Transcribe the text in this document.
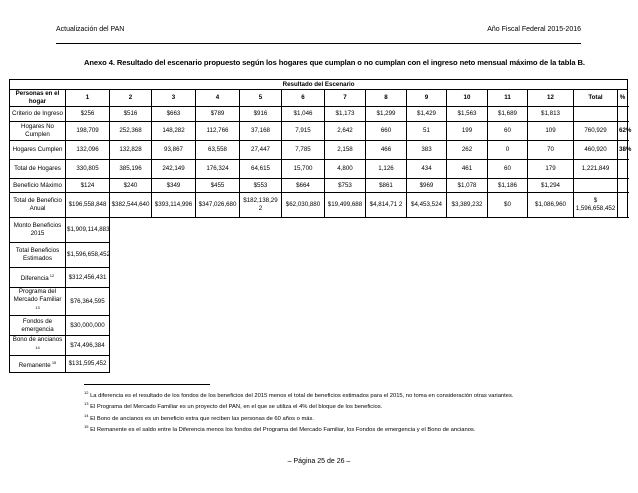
Actualización del PAN	Año Fiscal Federal 2015-2016
Anexo 4. Resultado del escenario propuesto según los hogares que cumplan o no cumplan con el ingreso neto mensual máximo de la tabla B.
Resultado del Escenario														
Personas en el hogar	1	2	3	4	5	6	7	8	9	10	11	12	Total	%
Criterio de Ingreso	$256	$516	$663	$789	$916	$1,046	$1,173	$1,299	$1,429	$1,563	$1,689	$1,813		
Hogares No Cumplen	198,709	252,368	148,282	112,766	37,168	7,915	2,642	660	51	199	60	109	760,929	62%
Hogares Cumplen	132,096	132,828	93,867	63,558	27,447	7,785	2,158	466	383	262	0	70	460,920	38%
Total de Hogares	330,805	385,196	242,149	176,324	64,615	15,700	4,800	1,126	434	461	60	179	1,221,849	
Beneficio Máximo	$124	$240	$349	$455	$553	$664	$753	$861	$969	$1,078	$1,186	$1,294		
Total de Beneficio Anual	$196,558,848	$382,544,640	$393,114,996	$347,026,680	$182,138,29 2	$62,030,880	$19,499,688	$4,814,71 2	$4,453,524	$3,389,232	$0	$1,086,960	$ 1,596,658,452	
Monto Beneficios 2015	$1,909,114,883													
Total Beneficios Estimados	$1,596,658,452													
Diferencia $^{12}$	$312,456,431													
Programa del Mercado Familiar $^{13}$	$76,364,595													
Fondos de emergencia	$30,000,000													
Bono de ancianos $^{14}$	$74,496,384													
Remanente $^{15}$	$131,595,452													
$^{12}$ La diferencia es el resultado de los fondos de los beneficios del 2015 menos el total de beneficios estimados para el 2015, no toma en consideración otras variantes.
$^{13}$ El Programa del Mercado Familiar es un proyecto del PAN, en el que se utiliza el 4% del bloque de los beneficios.
$^{14}$ El Bono de ancianos es un beneficio extra que reciben las personas de 60 años o más.
$^{15}$ El Remanente es el saldo entre la Diferencia menos los fondos del Programa del Mercado Familiar, los Fondos de emergencia y el Bono de ancianos.
– Página 25 de 26 –
